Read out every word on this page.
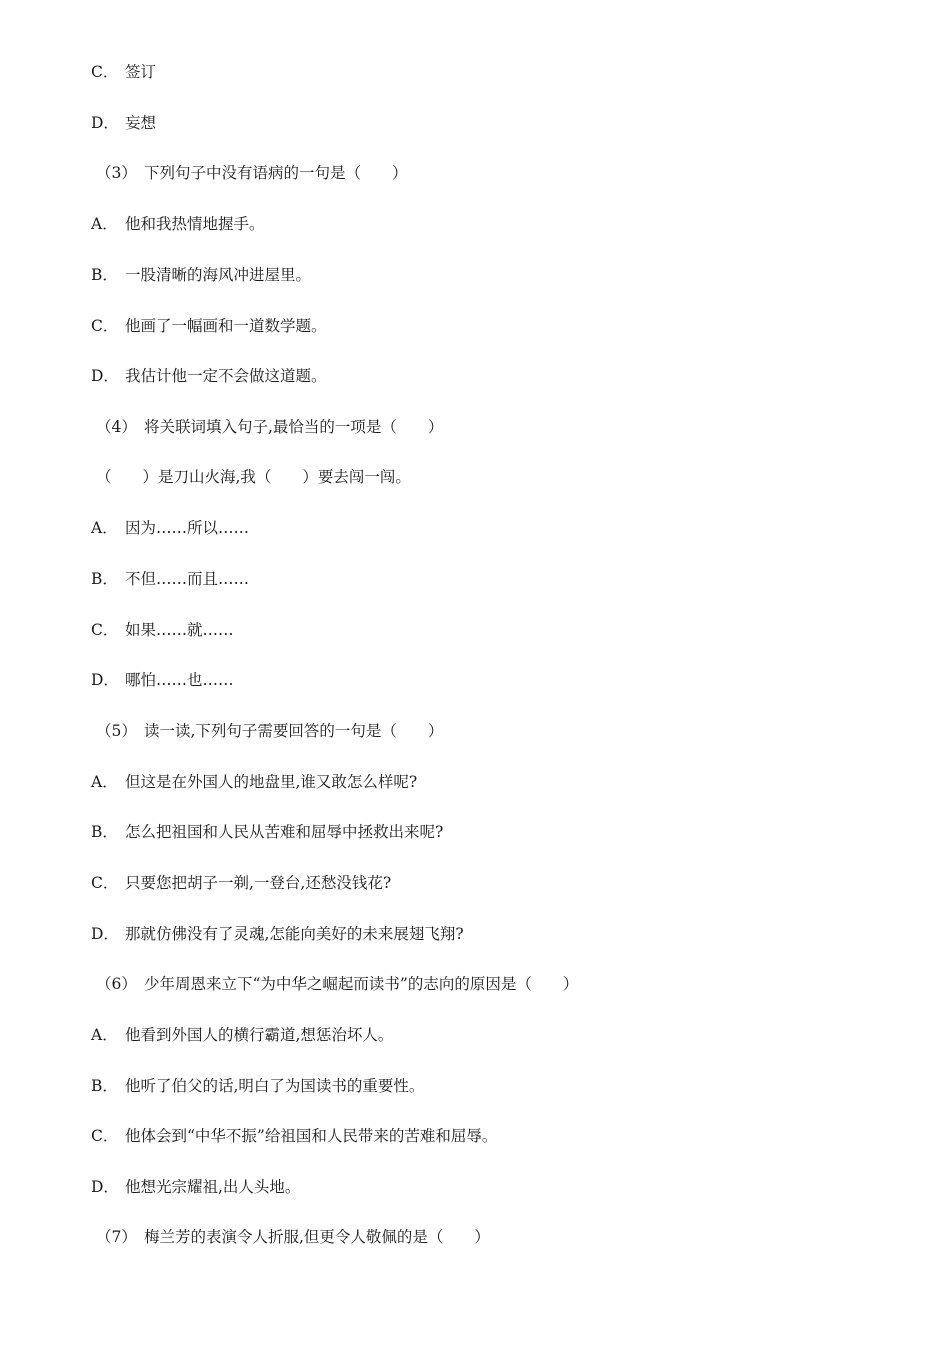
C． 签订
D． 妄想
（3） 下列句子中没有语病的一句是（　　）
A． 他和我热情地握手。
B． 一股清晰的海风冲进屋里。
C． 他画了一幅画和一道数学题。
D． 我估计他一定不会做这道题。
（4） 将关联词填入句子,最恰当的一项是（　　）
（　　）是刀山火海,我（　　）要去闯一闯。
A． 因为……所以……
B． 不但……而且……
C． 如果……就……
D． 哪怕……也……
（5） 读一读,下列句子需要回答的一句是（　　）
A． 但这是在外国人的地盘里,谁又敢怎么样呢?
B． 怎么把祖国和人民从苦难和屈辱中拯救出来呢?
C． 只要您把胡子一剃,一登台,还愁没钱花?
D． 那就仿佛没有了灵魂,怎能向美好的未来展翅飞翔?
（6） 少年周恩来立下“为中华之崛起而读书”的志向的原因是（　　）
A． 他看到外国人的横行霸道,想惩治坏人。
B． 他听了伯父的话,明白了为国读书的重要性。
C． 他体会到“中华不振”给祖国和人民带来的苦难和屈辱。
D． 他想光宗耀祖,出人头地。
（7） 梅兰芳的表演令人折服,但更令人敬佩的是（　　）
